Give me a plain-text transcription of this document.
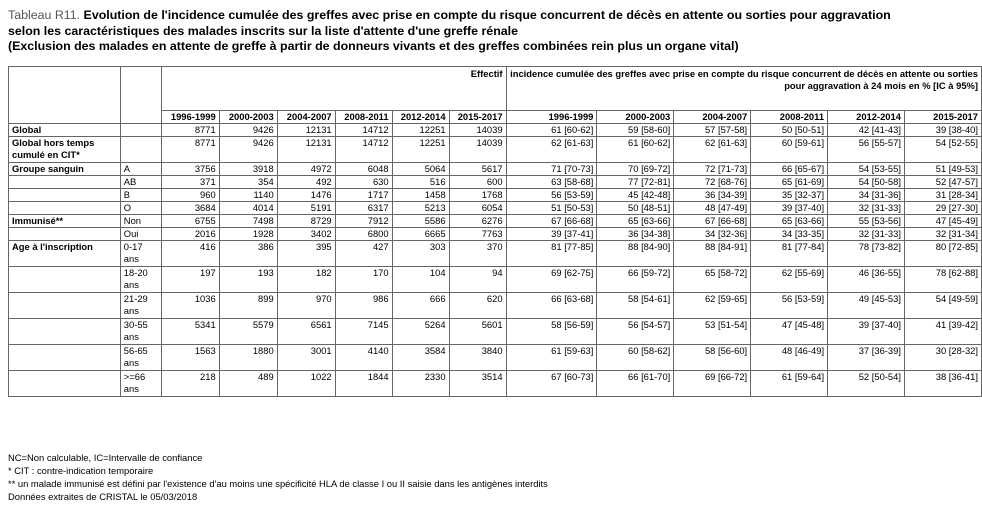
Tableau R11. Evolution de l'incidence cumulée des greffes avec prise en compte du risque concurrent de décès en attente ou sorties pour aggravation
selon les caractéristiques des malades inscrits sur la liste d'attente d'une greffe rénale
(Exclusion des malades en attente de greffe à partir de donneurs vivants et des greffes combinées rein plus un organe vital)
		Effectif						incidence cumulée des greffes avec prise en compte du risque concurrent de décès en attente ou sorties pour aggravation à 24 mois en % [IC à 95%]					
		1996-1999	2000-2003	2004-2007	2008-2011	2012-2014	2015-2017	1996-1999	2000-2003	2004-2007	2008-2011	2012-2014	2015-2017
Global		8771	9426	12131	14712	12251	14039	61 [60-62]	59 [58-60]	57 [57-58]	50 [50-51]	42 [41-43]	39 [38-40]
Global hors temps cumulé en CIT*		8771	9426	12131	14712	12251	14039	62 [61-63]	61 [60-62]	62 [61-63]	60 [59-61]	56 [55-57]	54 [52-55]
Groupe sanguin	A	3756	3918	4972	6048	5064	5617	71 [70-73]	70 [69-72]	72 [71-73]	66 [65-67]	54 [53-55]	51 [49-53]
	AB	371	354	492	630	516	600	63 [58-68]	77 [72-81]	72 [68-76]	65 [61-69]	54 [50-58]	52 [47-57]
	B	960	1140	1476	1717	1458	1768	56 [53-59]	45 [42-48]	36 [34-39]	35 [32-37]	34 [31-36]	31 [28-34]
	O	3684	4014	5191	6317	5213	6054	51 [50-53]	50 [48-51]	48 [47-49]	39 [37-40]	32 [31-33]	29 [27-30]
Immunisé**	Non	6755	7498	8729	7912	5586	6276	67 [66-68]	65 [63-66]	67 [66-68]	65 [63-66]	55 [53-56]	47 [45-49]
	Oui	2016	1928	3402	6800	6665	7763	39 [37-41]	36 [34-38]	34 [32-36]	34 [33-35]	32 [31-33]	32 [31-34]
Age à l'inscription	0-17 ans	416	386	395	427	303	370	81 [77-85]	88 [84-90]	88 [84-91]	81 [77-84]	78 [73-82]	80 [72-85]
	18-20 ans	197	193	182	170	104	94	69 [62-75]	66 [59-72]	65 [58-72]	62 [55-69]	46 [36-55]	78 [62-88]
	21-29 ans	1036	899	970	986	666	620	66 [63-68]	58 [54-61]	62 [59-65]	56 [53-59]	49 [45-53]	54 [49-59]
	30-55 ans	5341	5579	6561	7145	5264	5601	58 [56-59]	56 [54-57]	53 [51-54]	47 [45-48]	39 [37-40]	41 [39-42]
	56-65 ans	1563	1880	3001	4140	3584	3840	61 [59-63]	60 [58-62]	58 [56-60]	48 [46-49]	37 [36-39]	30 [28-32]
	>=66 ans	218	489	1022	1844	2330	3514	67 [60-73]	66 [61-70]	69 [66-72]	61 [59-64]	52 [50-54]	38 [36-41]
NC=Non calculable, IC=Intervalle de confiance
* CIT : contre-indication temporaire
** un malade immunisé est défini par l'existence d'au moins une spécificité HLA de classe I ou II saisie dans les antigènes interdits
Données extraites de CRISTAL le 05/03/2018
